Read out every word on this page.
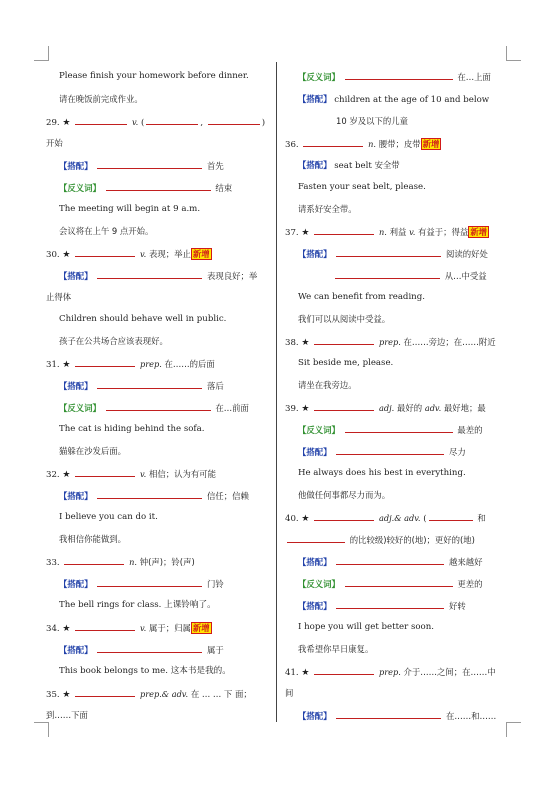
Please finish your homework before dinner.
请在晚饭前完成作业。
29. ★	v. (	,	)
开始
【搭配】	首先
【反义词】	结束
The meeting will begin at 9 a.m.
会议将在上午 9 点开始。
30. ★	v. 表现；举止 新增
【搭配】	表现良好；举
止得体
Children should behave well in public.
孩子在公共场合应该表现好。
31. ★	prep. 在……的后面
【搭配】	落后
【反义词】	在…前面
The cat is hiding behind the sofa.
猫躲在沙发后面。
32. ★	v. 相信；认为有可能
【搭配】	信任；信赖
I believe you can do it.
我相信你能做到。
33.	n. 钟(声)；铃(声)
【搭配】	门铃
The bell rings for class. 上课铃响了。
34. ★	v. 属于；归属 新增
【搭配】	属于
This book belongs to me. 这本书是我的。
35. ★	prep.& adv. 在 … … 下 面；
到……下面
【反义词】	在…上面
【搭配】 children at the age of 10 and below
10 岁及以下的儿童
36.	n. 腰带；皮带 新增
【搭配】 seat belt 安全带
Fasten your seat belt, please.
请系好安全带。
37. ★	n. 利益 v. 有益于；得益 新增
【搭配】	阅读的好处
从…中受益
We can benefit from reading.
我们可以从阅读中受益。
38. ★	prep. 在……旁边；在……附近
Sit beside me, please.
请坐在我旁边。
39. ★	adj. 最好的 adv. 最好地；最
【反义词】	最差的
【搭配】	尽力
He always does his best in everything.
他做任何事都尽力而为。
40. ★	adj.& adv. (	和
的比较级)较好的(地)；更好的(地)
【搭配】	越来越好
【反义词】	更差的
【搭配】	好转
I hope you will get better soon.
我希望你早日康复。
41. ★	prep. 介于……之间；在……中
间
【搭配】	在……和……
